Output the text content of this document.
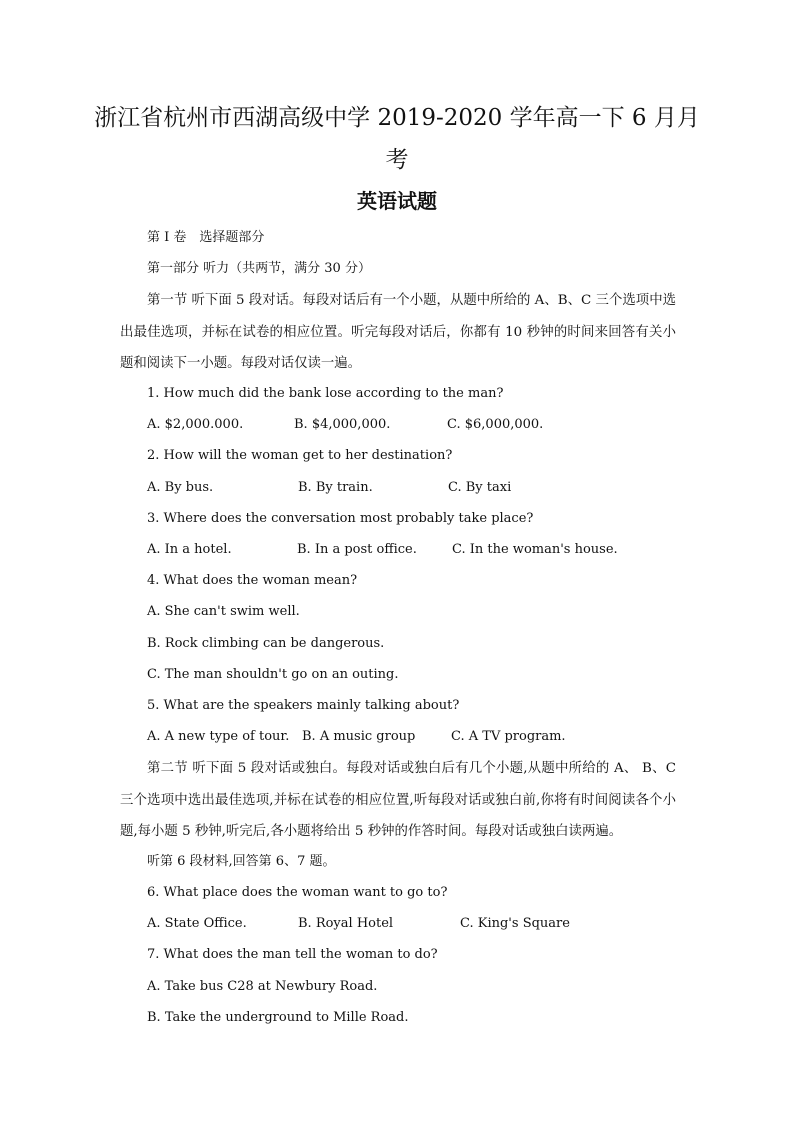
浙江省杭州市西湖高级中学 2019-2020 学年高一下 6 月月
考
英语试题
第 I 卷　选择题部分
第一部分 听力（共两节，满分 30 分）
第一节 听下面 5 段对话。每段对话后有一个小题，从题中所给的 A、B、C 三个选项中选出最佳选项，并标在试卷的相应位置。听完每段对话后，你都有 10 秒钟的时间来回答有关小题和阅读下一小题。每段对话仅读一遍。
1. How much did the bank lose according to the man?
A. $2,000.000.	B. $4,000,000.	C. $6,000,000.
2. How will the woman get to her destination?
A. By bus.	B. By train.	C. By taxi
3. Where does the conversation most probably take place?
A. In a hotel.	B. In a post office.	C. In the woman's house.
4. What does the woman mean?
A. She can't swim well.
B. Rock climbing can be dangerous.
C. The man shouldn't go on an outing.
5. What are the speakers mainly talking about?
A. A new type of tour. B. A music group	C. A TV program.
第二节 听下面 5 段对话或独白。每段对话或独白后有几个小题,从题中所给的 A、 B、C 三个选项中选出最佳选项,并标在试卷的相应位置,听每段对话或独白前,你将有时间阅读各个小题,每小题 5 秒钟,听完后,各小题将给出 5 秒钟的作答时间。每段对话或独白读两遍。
听第 6 段材料,回答第 6、7 题。
6. What place does the woman want to go to?
A. State Office.	B. Royal Hotel	C. King's Square
7. What does the man tell the woman to do?
A. Take bus C28 at Newbury Road.
B. Take the underground to Mille Road.
